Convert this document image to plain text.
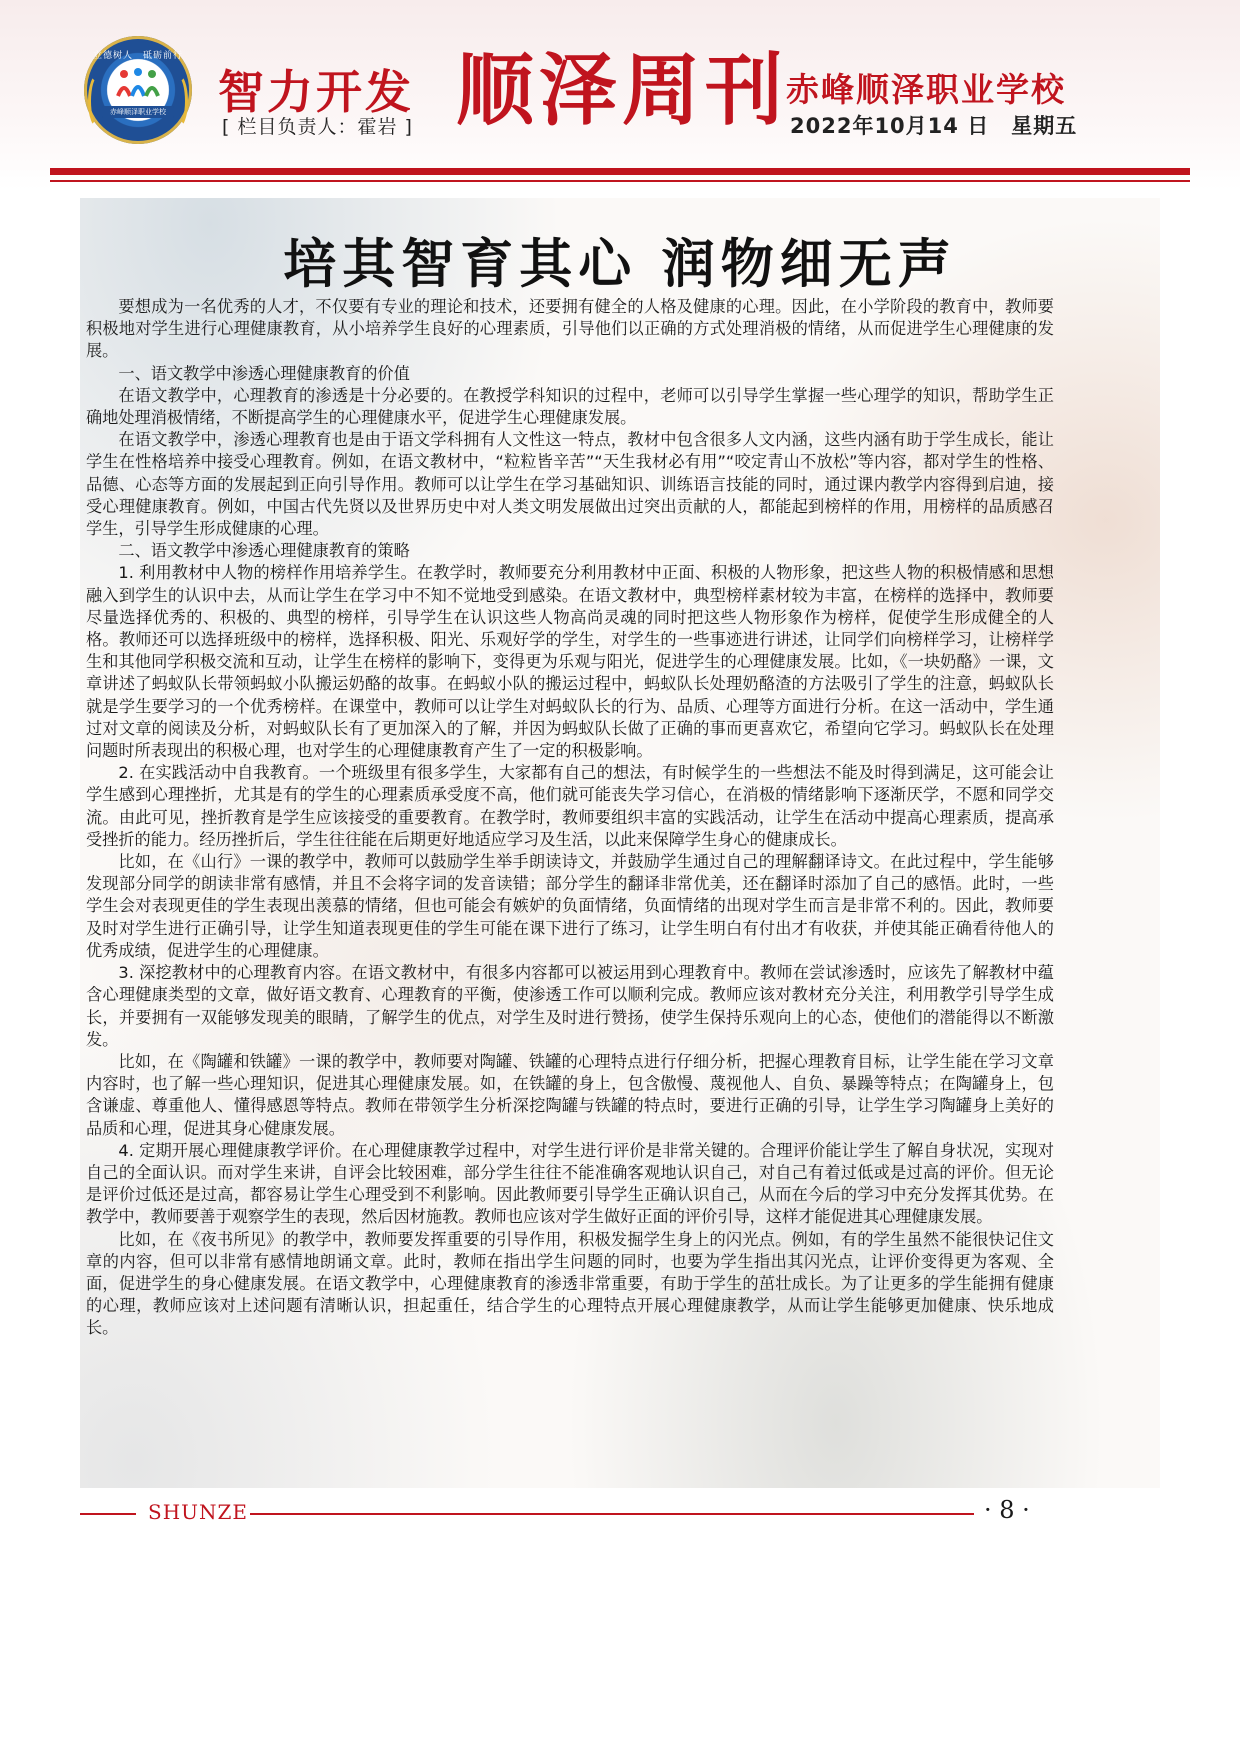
立德树人　砥砺前行
赤峰顺泽职业学校 智力开发
[ 栏目负责人：霍岩 ] 顺泽周刊
赤峰顺泽职业学校
2022年10月14 日　星期五
培其智育其心 润物细无声

要想成为一名优秀的人才，不仅要有专业的理论和技术，还要拥有健全的人格及健康的心理。因此，在小学阶段的教育中，教师要积极地对学生进行心理健康教育，从小培养学生良好的心理素质，引导他们以正确的方式处理消极的情绪，从而促进学生心理健康的发展。

一、语文教学中渗透心理健康教育的价值

在语文教学中，心理教育的渗透是十分必要的。在教授学科知识的过程中，老师可以引导学生掌握一些心理学的知识，帮助学生正确地处理消极情绪，不断提高学生的心理健康水平，促进学生心理健康发展。

在语文教学中，渗透心理教育也是由于语文学科拥有人文性这一特点，教材中包含很多人文内涵，这些内涵有助于学生成长，能让学生在性格培养中接受心理教育。例如，在语文教材中，“粒粒皆辛苦”“天生我材必有用”“咬定青山不放松”等内容，都对学生的性格、品德、心态等方面的发展起到正向引导作用。教师可以让学生在学习基础知识、训练语言技能的同时，通过课内教学内容得到启迪，接受心理健康教育。例如，中国古代先贤以及世界历史中对人类文明发展做出过突出贡献的人，都能起到榜样的作用，用榜样的品质感召学生，引导学生形成健康的心理。

二、语文教学中渗透心理健康教育的策略

1. 利用教材中人物的榜样作用培养学生。在教学时，教师要充分利用教材中正面、积极的人物形象，把这些人物的积极情感和思想融入到学生的认识中去，从而让学生在学习中不知不觉地受到感染。在语文教材中，典型榜样素材较为丰富，在榜样的选择中，教师要尽量选择优秀的、积极的、典型的榜样，引导学生在认识这些人物高尚灵魂的同时把这些人物形象作为榜样，促使学生形成健全的人格。教师还可以选择班级中的榜样，选择积极、阳光、乐观好学的学生，对学生的一些事迹进行讲述，让同学们向榜样学习，让榜样学生和其他同学积极交流和互动，让学生在榜样的影响下，变得更为乐观与阳光，促进学生的心理健康发展。比如，《一块奶酪》一课，文章讲述了蚂蚁队长带领蚂蚁小队搬运奶酪的故事。在蚂蚁小队的搬运过程中，蚂蚁队长处理奶酪渣的方法吸引了学生的注意，蚂蚁队长就是学生要学习的一个优秀榜样。在课堂中，教师可以让学生对蚂蚁队长的行为、品质、心理等方面进行分析。在这一活动中，学生通过对文章的阅读及分析，对蚂蚁队长有了更加深入的了解，并因为蚂蚁队长做了正确的事而更喜欢它，希望向它学习。蚂蚁队长在处理问题时所表现出的积极心理，也对学生的心理健康教育产生了一定的积极影响。

2. 在实践活动中自我教育。一个班级里有很多学生，大家都有自己的想法，有时候学生的一些想法不能及时得到满足，这可能会让学生感到心理挫折，尤其是有的学生的心理素质承受度不高，他们就可能丧失学习信心，在消极的情绪影响下逐渐厌学，不愿和同学交流。由此可见，挫折教育是学生应该接受的重要教育。在教学时，教师要组织丰富的实践活动，让学生在活动中提高心理素质，提高承受挫折的能力。经历挫折后，学生往往能在后期更好地适应学习及生活，以此来保障学生身心的健康成长。

比如，在《山行》一课的教学中，教师可以鼓励学生举手朗读诗文，并鼓励学生通过自己的理解翻译诗文。在此过程中，学生能够发现部分同学的朗读非常有感情，并且不会将字词的发音读错；部分学生的翻译非常优美，还在翻译时添加了自己的感悟。此时，一些学生会对表现更佳的学生表现出羡慕的情绪，但也可能会有嫉妒的负面情绪，负面情绪的出现对学生而言是非常不利的。因此，教师要及时对学生进行正确引导，让学生知道表现更佳的学生可能在课下进行了练习，让学生明白有付出才有收获，并使其能正确看待他人的优秀成绩，促进学生的心理健康。

3. 深挖教材中的心理教育内容。在语文教材中，有很多内容都可以被运用到心理教育中。教师在尝试渗透时，应该先了解教材中蕴含心理健康类型的文章，做好语文教育、心理教育的平衡，使渗透工作可以顺利完成。教师应该对教材充分关注，利用教学引导学生成长，并要拥有一双能够发现美的眼睛，了解学生的优点，对学生及时进行赞扬，使学生保持乐观向上的心态，使他们的潜能得以不断激发。

比如，在《陶罐和铁罐》一课的教学中，教师要对陶罐、铁罐的心理特点进行仔细分析，把握心理教育目标，让学生能在学习文章内容时，也了解一些心理知识，促进其心理健康发展。如，在铁罐的身上，包含傲慢、蔑视他人、自负、暴躁等特点；在陶罐身上，包含谦虚、尊重他人、懂得感恩等特点。教师在带领学生分析深挖陶罐与铁罐的特点时，要进行正确的引导，让学生学习陶罐身上美好的品质和心理，促进其身心健康发展。

4. 定期开展心理健康教学评价。在心理健康教学过程中，对学生进行评价是非常关键的。合理评价能让学生了解自身状况，实现对自己的全面认识。而对学生来讲，自评会比较困难，部分学生往往不能准确客观地认识自己，对自己有着过低或是过高的评价。但无论是评价过低还是过高，都容易让学生心理受到不利影响。因此教师要引导学生正确认识自己，从而在今后的学习中充分发挥其优势。在教学中，教师要善于观察学生的表现，然后因材施教。教师也应该对学生做好正面的评价引导，这样才能促进其心理健康发展。

比如，在《夜书所见》的教学中，教师要发挥重要的引导作用，积极发掘学生身上的闪光点。例如，有的学生虽然不能很快记住文章的内容，但可以非常有感情地朗诵文章。此时，教师在指出学生问题的同时，也要为学生指出其闪光点，让评价变得更为客观、全面，促进学生的身心健康发展。在语文教学中，心理健康教育的渗透非常重要，有助于学生的茁壮成长。为了让更多的学生能拥有健康的心理，教师应该对上述问题有清晰认识，担起重任，结合学生的心理特点开展心理健康教学，从而让学生能够更加健康、快乐地成长。

SHUNZE	· 8 ·
